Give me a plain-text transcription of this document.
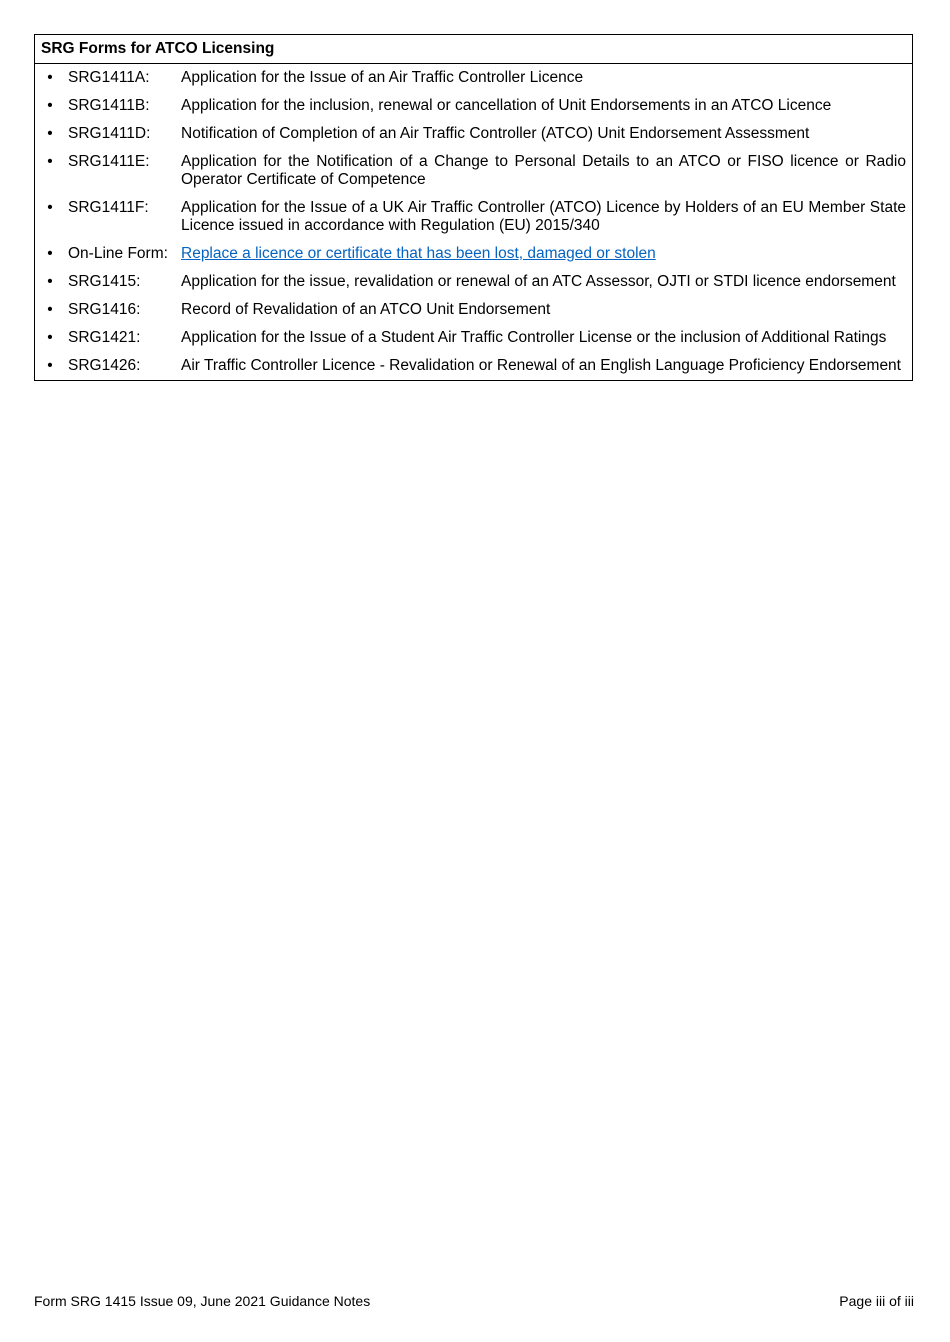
SRG Forms for ATCO Licensing
• SRG1411A: Application for the Issue of an Air Traffic Controller Licence
• SRG1411B: Application for the inclusion, renewal or cancellation of Unit Endorsements in an ATCO Licence
• SRG1411D: Notification of Completion of an Air Traffic Controller (ATCO) Unit Endorsement Assessment
• SRG1411E: Application for the Notification of a Change to Personal Details to an ATCO or FISO licence or Radio Operator Certificate of Competence
• SRG1411F: Application for the Issue of a UK Air Traffic Controller (ATCO) Licence by Holders of an EU Member State Licence issued in accordance with Regulation (EU) 2015/340
• On-Line Form: Replace a licence or certificate that has been lost, damaged or stolen
• SRG1415:	Application for the issue, revalidation or renewal of an ATC Assessor, OJTI or STDI licence endorsement
• SRG1416:	Record of Revalidation of an ATCO Unit Endorsement
• SRG1421:	Application for the Issue of a Student Air Traffic Controller License or the inclusion of Additional Ratings
• SRG1426:	Air Traffic Controller Licence - Revalidation or Renewal of an English Language Proficiency Endorsement
Form SRG 1415 Issue 09, June 2021 Guidance Notes	Page iii of iii
